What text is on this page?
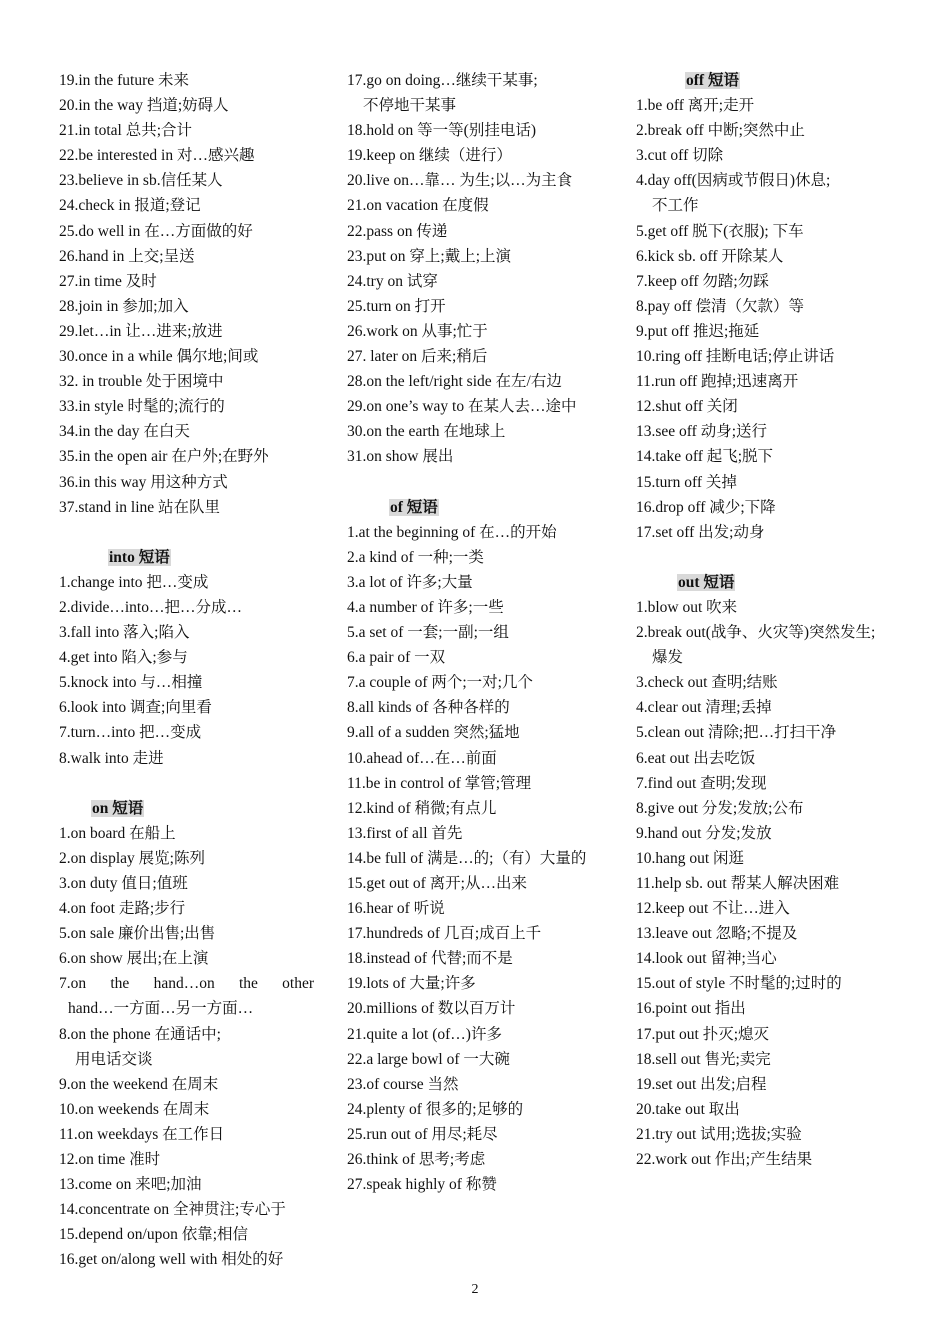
19.in the future 未来
20.in the way 挡道;妨碍人
21.in total 总共;合计
22.be interested in 对…感兴趣
23.believe in sb.信任某人
24.check in 报道;登记
25.do well in 在…方面做的好
26.hand in 上交;呈送
27.in time 及时
28.join in 参加;加入
29.let…in 让…进来;放进
30.once in a while 偶尔地;间或
32. in trouble 处于困境中
33.in style 时髦的;流行的
34.in the day 在白天
35.in the open air 在户外;在野外
36.in this way 用这种方式
37.stand in line 站在队里
into 短语
1.change into 把…变成
2.divide…into…把…分成…
3.fall into 落入;陷入
4.get into 陷入;参与
5.knock into 与…相撞
6.look into 调查;向里看
7.turn…into 把…变成
8.walk into 走进
on 短语
1.on board 在船上
2.on display 展览;陈列
3.on duty 值日;值班
4.on foot 走路;步行
5.on sale 廉价出售;出售
6.on show 展出;在上演
7.on the hand…on the other
hand…一方面…另一方面…
8.on the phone 在通话中;
用电话交谈
9.on the weekend 在周末
10.on weekends 在周末
11.on weekdays 在工作日
12.on time 准时
13.come on 来吧;加油
14.concentrate on 全神贯注;专心于
15.depend on/upon 依靠;相信
16.get on/along well with 相处的好
17.go on doing…继续干某事;
不停地干某事
18.hold on 等一等(别挂电话)
19.keep on 继续（进行）
20.live on…靠… 为生;以…为主食
21.on vacation 在度假
22.pass on 传递
23.put on 穿上;戴上;上演
24.try on 试穿
25.turn on 打开
26.work on 从事;忙于
27. later on 后来;稍后
28.on the left/right side 在左/右边
29.on one’s way to 在某人去…途中
30.on the earth 在地球上
31.on show 展出
of 短语
1.at the beginning of 在…的开始
2.a kind of 一种;一类
3.a lot of 许多;大量
4.a number of 许多;一些
5.a set of 一套;一副;一组
6.a pair of 一双
7.a couple of 两个;一对;几个
8.all kinds of 各种各样的
9.all of a sudden 突然;猛地
10.ahead of…在…前面
11.be in control of 掌管;管理
12.kind of 稍微;有点儿
13.first of all 首先
14.be full of 满是…的;（有）大量的
15.get out of 离开;从…出来
16.hear of 听说
17.hundreds of 几百;成百上千
18.instead of 代替;而不是
19.lots of 大量;许多
20.millions of 数以百万计
21.quite a lot (of…)许多
22.a large bowl of 一大碗
23.of course 当然
24.plenty of 很多的;足够的
25.run out of 用尽;耗尽
26.think of 思考;考虑
27.speak highly of 称赞
off 短语
1.be off 离开;走开
2.break off 中断;突然中止
3.cut off 切除
4.day off(因病或节假日)休息;
不工作
5.get off 脱下(衣服); 下车
6.kick sb. off 开除某人
7.keep off 勿踏;勿踩
8.pay off 偿清（欠款）等
9.put off 推迟;拖延
10.ring off 挂断电话;停止讲话
11.run off 跑掉;迅速离开
12.shut off 关闭
13.see off 动身;送行
14.take off 起飞;脱下
15.turn off 关掉
16.drop off 减少;下降
17.set off 出发;动身
out 短语
1.blow out 吹来
2.break out(战争、火灾等)突然发生;
爆发
3.check out 查明;结账
4.clear out 清理;丢掉
5.clean out 清除;把…打扫干净
6.eat out 出去吃饭
7.find out 查明;发现
8.give out 分发;发放;公布
9.hand out 分发;发放
10.hang out 闲逛
11.help sb. out 帮某人解决困难
12.keep out 不让…进入
13.leave out 忽略;不提及
14.look out 留神;当心
15.out of style 不时髦的;过时的
16.point out 指出
17.put out 扑灭;熄灭
18.sell out 售光;卖完
19.set out 出发;启程
20.take out 取出
21.try out 试用;选拔;实验
22.work out 作出;产生结果
2
